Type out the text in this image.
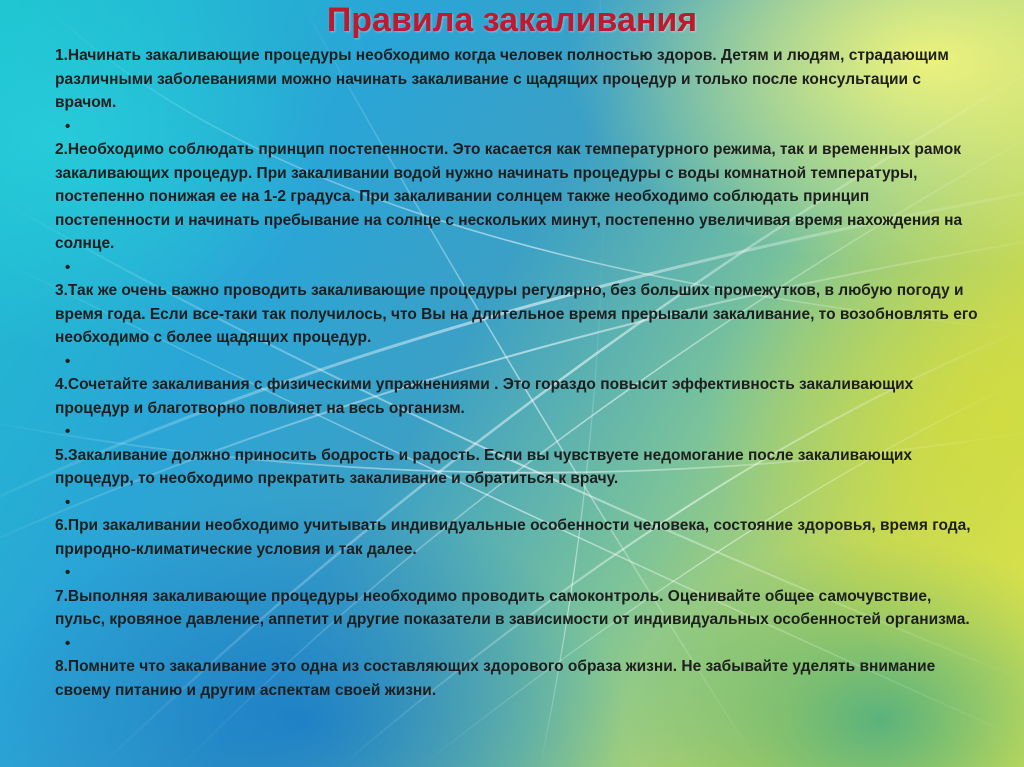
Правила закаливания

1.Начинать закаливающие процедуры необходимо когда человек полностью здоров. Детям и людям, страдающим различными заболеваниями можно начинать закаливание с щадящих процедур и только после консультации с врачом.

•

2.Необходимо соблюдать принцип постепенности. Это касается как температурного режима, так и временных рамок закаливающих процедур. При закаливании водой нужно начинать процедуры с воды комнатной температуры, постепенно понижая ее на 1-2 градуса. При закаливании солнцем также необходимо соблюдать принцип постепенности и начинать пребывание на солнце с нескольких минут, постепенно увеличивая время нахождения на солнце.

•

3.Так же очень важно проводить закаливающие процедуры регулярно, без больших промежутков, в любую погоду и время года. Если все-таки так получилось, что Вы на длительное время прерывали закаливание, то возобновлять его необходимо с более щадящих процедур.

•

4.Сочетайте закаливания с физическими упражнениями . Это гораздо повысит эффективность закаливающих процедур и благотворно повлияет на весь организм.

•

5.Закаливание должно приносить бодрость и радость. Если вы чувствуете недомогание после закаливающих процедур, то необходимо прекратить закаливание и обратиться к врачу.

•

6.При закаливании необходимо учитывать индивидуальные особенности человека, состояние здоровья, время года, природно-климатические условия и так далее.

•

7.Выполняя закаливающие процедуры необходимо проводить самоконтроль. Оценивайте общее самочувствие, пульс, кровяное давление, аппетит и другие показатели в зависимости от индивидуальных особенностей организма.

•

8.Помните что закаливание это одна из составляющих здорового образа жизни. Не забывайте уделять внимание своему питанию и другим аспектам своей жизни.
